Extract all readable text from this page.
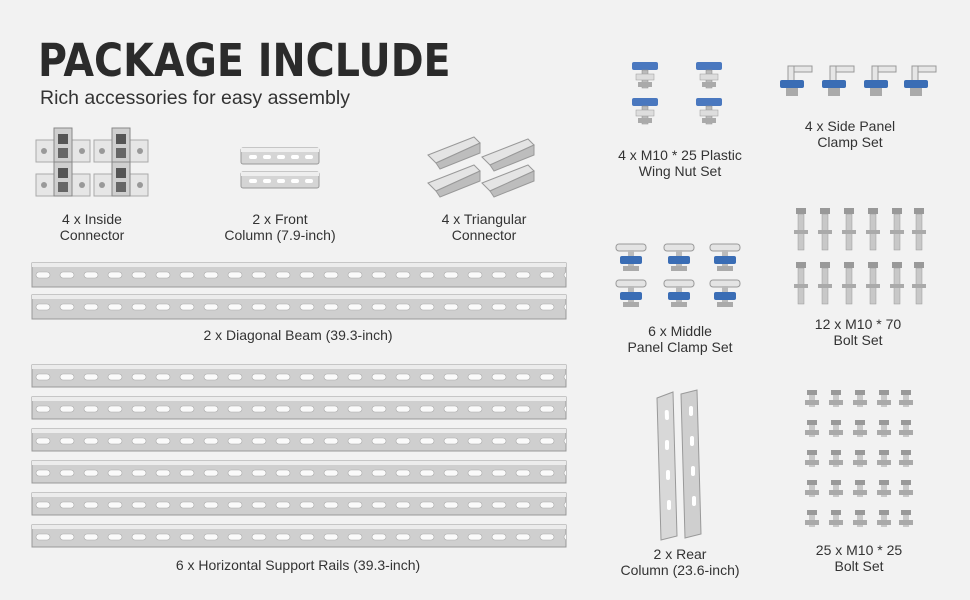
PACKAGE INCLUDE
Rich accessories for easy assembly
4 x Inside
Connector
2 x Front
Column (7.9-inch)
4 x Triangular
Connector
2 x Diagonal Beam (39.3-inch)
6 x Horizontal Support Rails (39.3-inch)
4 x M10 * 25 Plastic
Wing Nut Set
4 x Side Panel
Clamp Set
6 x Middle
Panel Clamp Set
12 x M10 * 70
Bolt Set
2 x Rear
Column (23.6-inch)
25 x M10 * 25
Bolt Set
